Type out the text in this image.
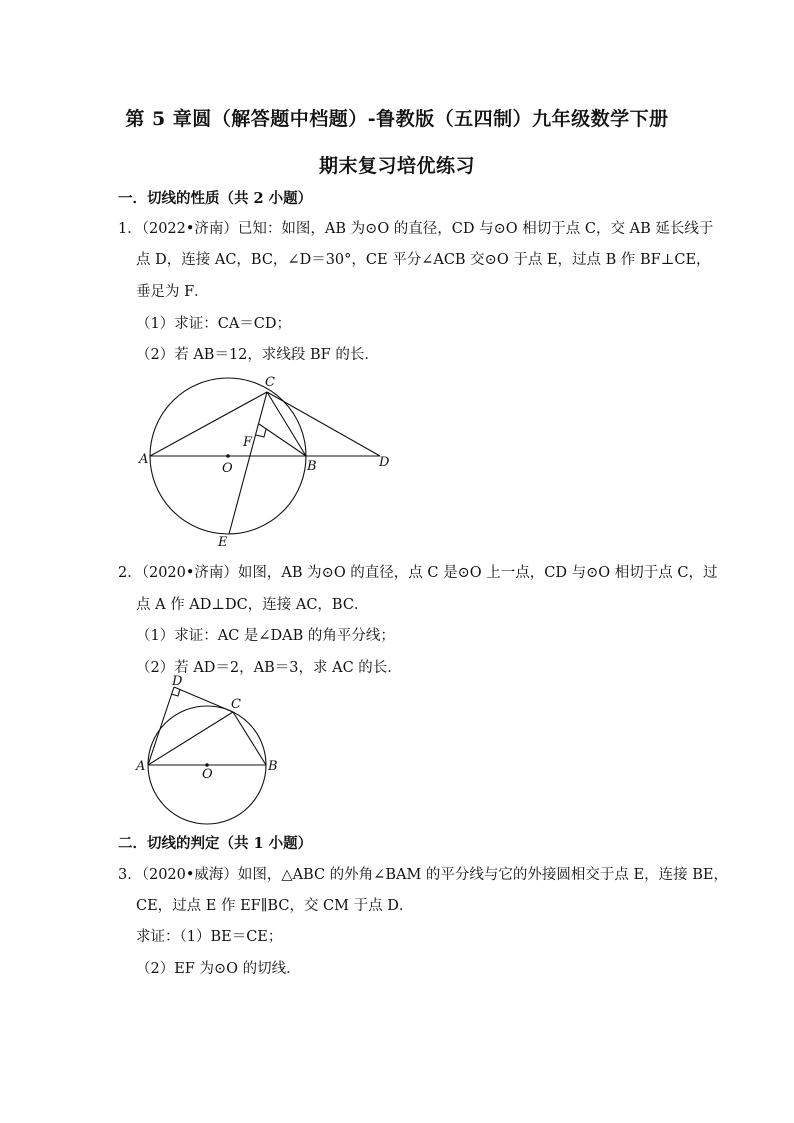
第 5 章圆（解答题中档题）-鲁教版（五四制）九年级数学下册
期末复习培优练习
一．切线的性质（共 2 小题）
1．（2022•济南）已知：如图，AB 为⊙O 的直径，CD 与⊙O 相切于点 C，交 AB 延长线于
点 D，连接 AC，BC，∠D＝30°，CE 平分∠ACB 交⊙O 于点 E，过点 B 作 BF⊥CE，
垂足为 F．
（1）求证：CA＝CD；
（2）若 AB＝12，求线段 BF 的长．
C
A
O	B	D
F
E
2．（2020•济南）如图，AB 为⊙O 的直径，点 C 是⊙O 上一点，CD 与⊙O 相切于点 C，过
点 A 作 AD⊥DC，连接 AC，BC．
（1）求证：AC 是∠DAB 的角平分线；
（2）若 AD＝2，AB＝3，求 AC 的长．
D
C
A	B
O
二．切线的判定（共 1 小题）
3．（2020•威海）如图，△ABC 的外角∠BAM 的平分线与它的外接圆相交于点 E，连接 BE，
CE，过点 E 作 EF∥BC，交 CM 于点 D．
求证：（1）BE＝CE；
（2）EF 为⊙O 的切线．
